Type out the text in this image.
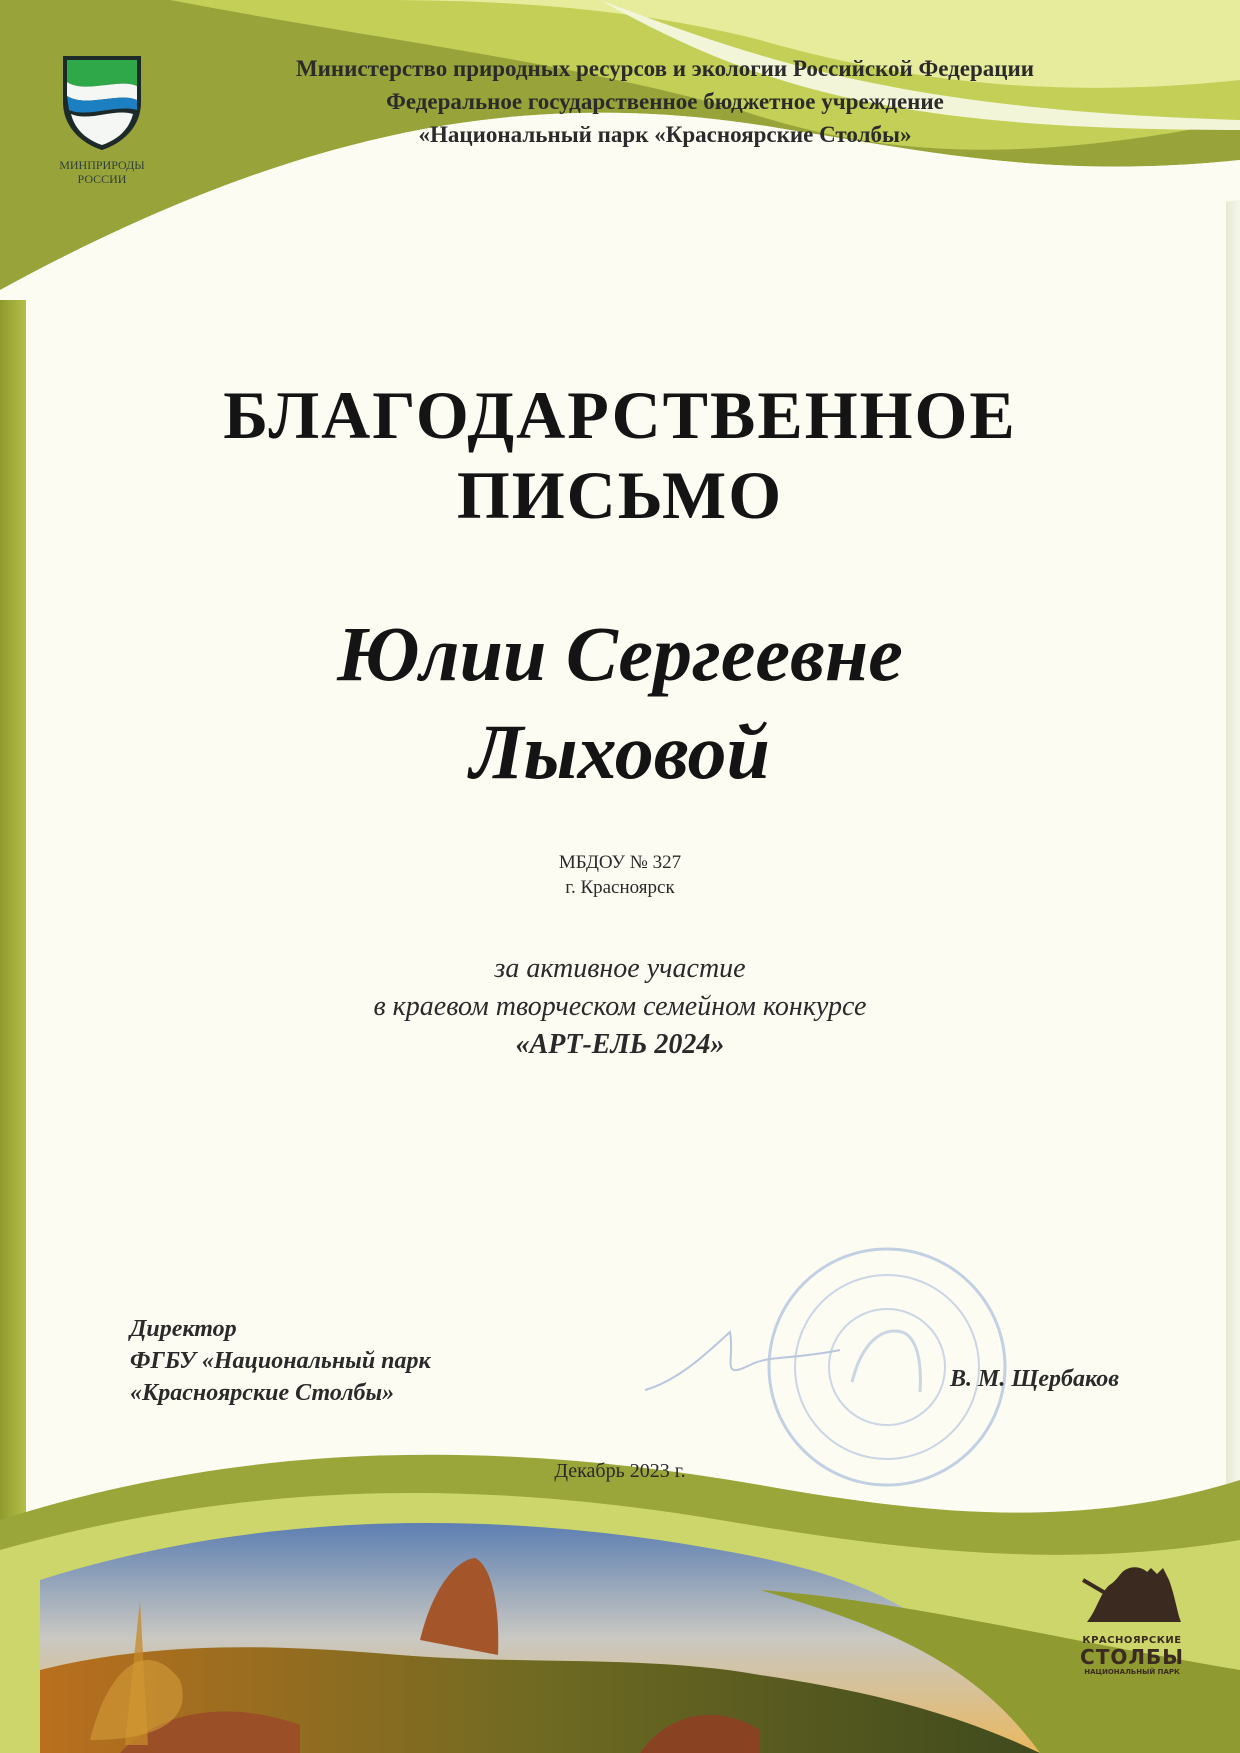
МИНПРИРОДЫ
РОССИИ
Министерство природных ресурсов и экологии Российской Федерации
Федеральное государственное бюджетное учреждение
«Национальный парк «Красноярские Столбы»
БЛАГОДАРСТВЕННОЕ
ПИСЬМО
Юлии Сергеевне
Лыховой
МБДОУ № 327
г. Красноярск
за активное участие
в краевом творческом семейном конкурсе
«АРТ-ЕЛЬ 2024»
Директор
ФГБУ «Национальный парк
«Красноярские Столбы»
В. М. Щербаков
Декабрь 2023 г.
КРАСНОЯРСКИЕ
СТОЛБЫ
НАЦИОНАЛЬНЫЙ ПАРК
